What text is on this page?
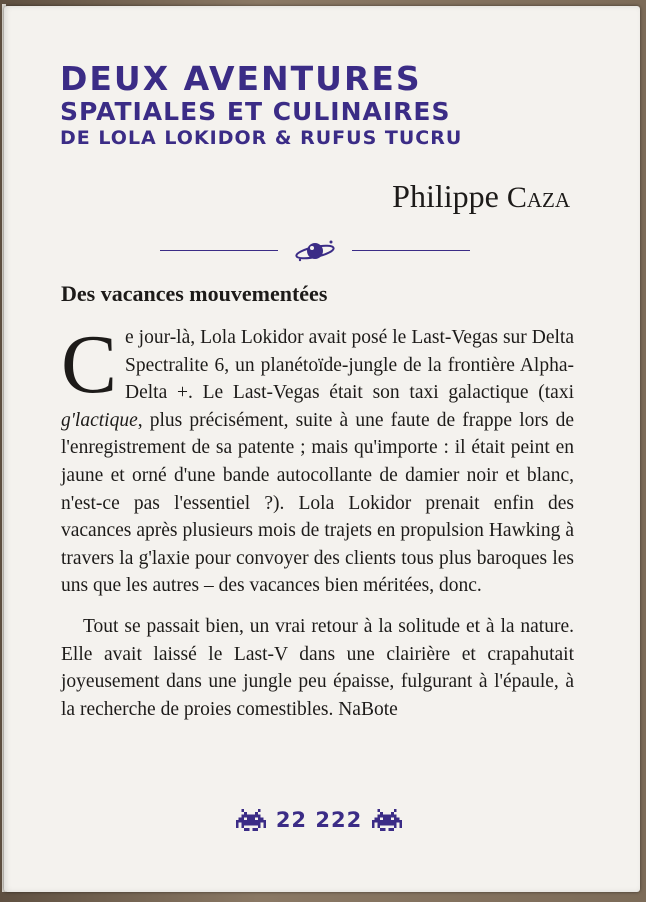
DEUX AVENTURES
SPATIALES ET CULINAIRES
DE LOLA LOKIDOR & RUFUS TUCRU
Philippe Caza
Des vacances mouvementées

Ce jour-là, Lola Lokidor avait posé le Last-Vegas sur Delta Spectralite 6, un planétoïde-jungle de la frontière Alpha-Delta +. Le Last-Vegas était son taxi galactique (taxi g'lactique, plus précisément, suite à une faute de frappe lors de l'enregistrement de sa patente ; mais qu'importe : il était peint en jaune et orné d'une bande autocollante de damier noir et blanc, n'est-ce pas l'essentiel ?). Lola Lokidor prenait enfin des vacances après plusieurs mois de trajets en propulsion Hawking à travers la g'laxie pour convoyer des clients tous plus baroques les uns que les autres – des vacances bien méritées, donc.

Tout se passait bien, un vrai retour à la solitude et à la nature. Elle avait laissé le Last-V dans une clairière et crapahutait joyeusement dans une jungle peu épaisse, fulgurant à l'épaule, à la recherche de proies comestibles. NaBote

22 222
